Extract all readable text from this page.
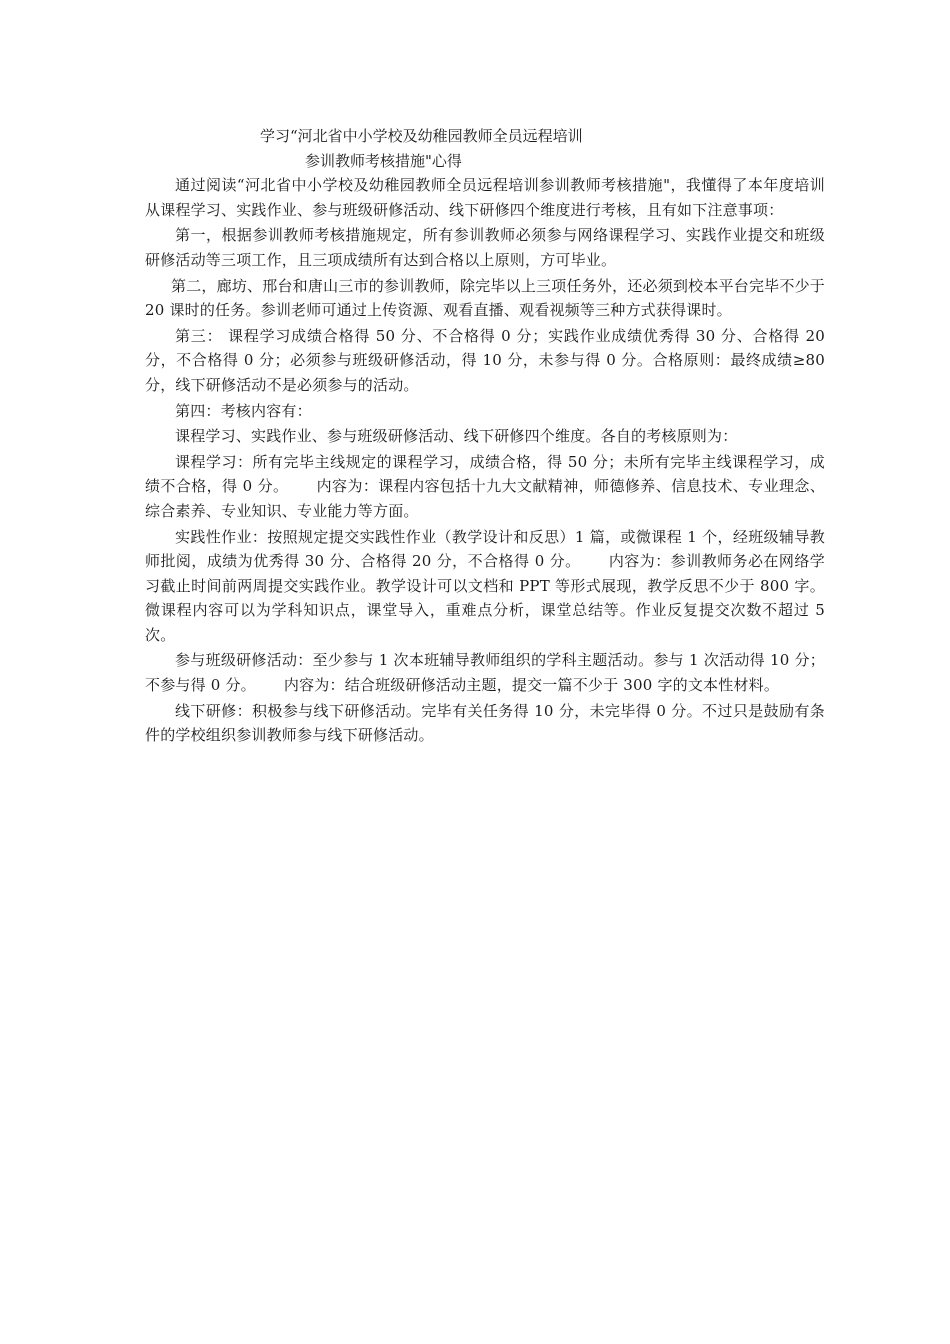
学习“河北省中小学校及幼稚园教师全员远程培训
参训教师考核措施"心得

通过阅读“河北省中小学校及幼稚园教师全员远程培训参训教师考核措施"，我懂得了本年度培训从课程学习、实践作业、参与班级研修活动、线下研修四个维度进行考核，且有如下注意事项：

第一，根据参训教师考核措施规定，所有参训教师必须参与网络课程学习、实践作业提交和班级研修活动等三项工作，且三项成绩所有达到合格以上原则，方可毕业。

第二，廊坊、邢台和唐山三市的参训教师，除完毕以上三项任务外，还必须到校本平台完毕不少于 20 课时的任务。参训老师可通过上传资源、观看直播、观看视频等三种方式获得课时。

第三： 课程学习成绩合格得 50 分、不合格得 0 分；实践作业成绩优秀得 30 分、合格得 20 分，不合格得 0 分；必须参与班级研修活动，得 10 分，未参与得 0 分。合格原则：最终成绩≥80 分，线下研修活动不是必须参与的活动。

第四：考核内容有：

课程学习、实践作业、参与班级研修活动、线下研修四个维度。各自的考核原则为：

课程学习：所有完毕主线规定的课程学习，成绩合格，得 50 分；未所有完毕主线课程学习，成绩不合格，得 0 分。 内容为：课程内容包括十九大文献精神，师德修养、信息技术、专业理念、综合素养、专业知识、专业能力等方面。

实践性作业：按照规定提交实践性作业（教学设计和反思）1 篇，或微课程 1 个，经班级辅导教师批阅，成绩为优秀得 30 分、合格得 20 分，不合格得 0 分。 内容为：参训教师务必在网络学习截止时间前两周提交实践作业。教学设计可以文档和 PPT 等形式展现，教学反思不少于 800 字。微课程内容可以为学科知识点，课堂导入，重难点分析，课堂总结等。作业反复提交次数不超过 5 次。

参与班级研修活动：至少参与 1 次本班辅导教师组织的学科主题活动。参与 1 次活动得 10 分；不参与得 0 分。 内容为：结合班级研修活动主题，提交一篇不少于 300 字的文本性材料。

线下研修：积极参与线下研修活动。完毕有关任务得 10 分，未完毕得 0 分。不过只是鼓励有条件的学校组织参训教师参与线下研修活动。
